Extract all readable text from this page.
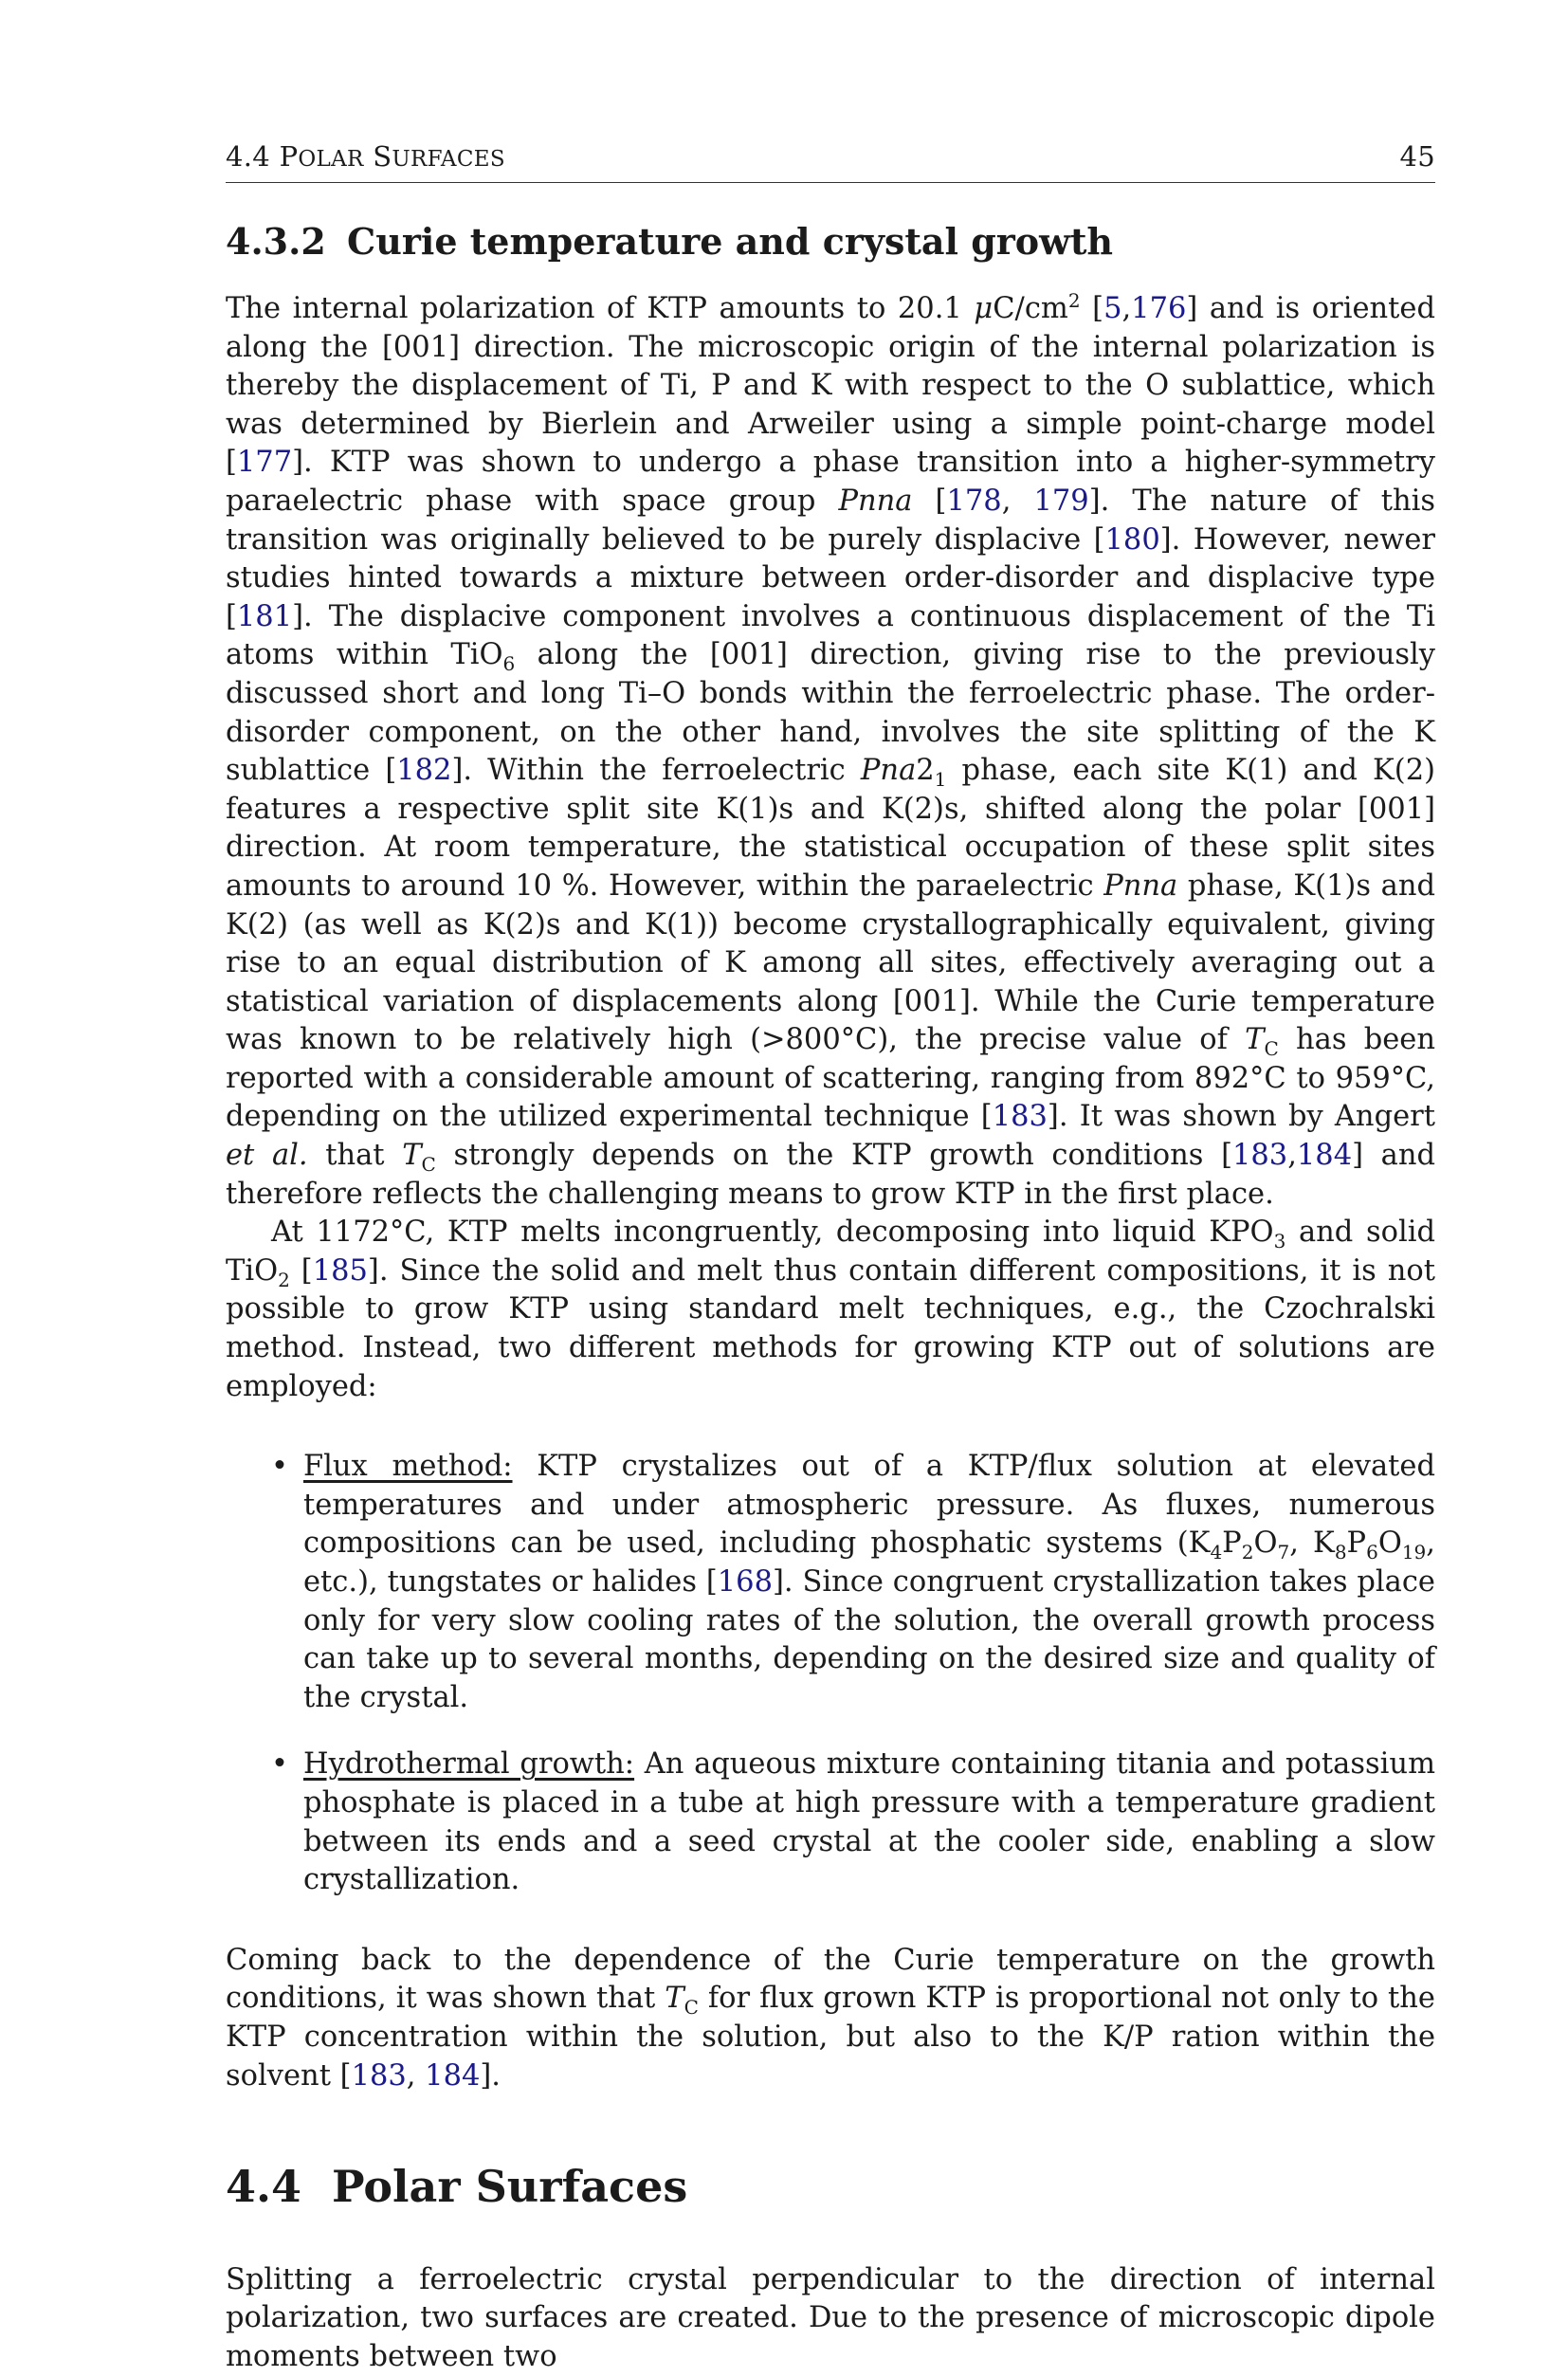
4.4 POLAR SURFACES	45
4.3.2 Curie temperature and crystal growth

The internal polarization of KTP amounts to 20.1 $\mu C/cm^2$ [5,176] and is oriented along the [001] direction. The microscopic origin of the internal polarization is thereby the displacement of Ti, P and K with respect to the O sublattice, which was determined by Bierlein and Arweiler using a simple point-charge model [177]. KTP was shown to undergo a phase transition into a higher-symmetry paraelectric phase with space group Pnna [178, 179]. The nature of this transition was originally believed to be purely displacive [180]. However, newer studies hinted towards a mixture between order-disorder and displacive type [181]. The displacive component involves a continuous displacement of the Ti atoms within TiO$_6$ along the [001] direction, giving rise to the previously discussed short and long Ti–O bonds within the ferroelectric phase. The order-disorder component, on the other hand, involves the site splitting of the K sublattice [182]. Within the ferroelectric $Pna2_1$ phase, each site K(1) and K(2) features a respective split site K(1)s and K(2)s, shifted along the polar [001] direction. At room temperature, the statistical occupation of these split sites amounts to around 10 %. However, within the paraelectric Pnna phase, K(1)s and K(2) (as well as K(2)s and K(1)) become crystallographically equivalent, giving rise to an equal distribution of K among all sites, effectively averaging out a statistical variation of displacements along [001]. While the Curie temperature was known to be relatively high (>800°C), the precise value of $T_C$ has been reported with a considerable amount of scattering, ranging from 892°C to 959°C, depending on the utilized experimental technique [183]. It was shown by Angert et al. that $T_C$ strongly depends on the KTP growth conditions [183,184] and therefore reflects the challenging means to grow KTP in the first place.

At 1172°C, KTP melts incongruently, decomposing into liquid $KPO_3$ and solid TiO$_2$ [185]. Since the solid and melt thus contain different compositions, it is not possible to grow KTP using standard melt techniques, e.g., the Czochralski method. Instead, two different methods for growing KTP out of solutions are employed:

• Flux method: KTP crystalizes out of a KTP/flux solution at elevated temperatures and under atmospheric pressure. As fluxes, numerous compositions can be used, including phosphatic systems ($K_4P_2O_7$, $K_8P_6O_{19}$, etc.), tungstates or halides [168]. Since congruent crystallization takes place only for very slow cooling rates of the solution, the overall growth process can take up to several months, depending on the desired size and quality of the crystal.
• Hydrothermal growth: An aqueous mixture containing titania and potassium phosphate is placed in a tube at high pressure with a temperature gradient between its ends and a seed crystal at the cooler side, enabling a slow crystallization.

Coming back to the dependence of the Curie temperature on the growth conditions, it was shown that $T_C$ for flux grown KTP is proportional not only to the KTP concentration within the solution, but also to the K/P ration within the solvent [183, 184].

4.4 Polar Surfaces

Splitting a ferroelectric crystal perpendicular to the direction of internal polarization, two surfaces are created. Due to the presence of microscopic dipole moments between two
